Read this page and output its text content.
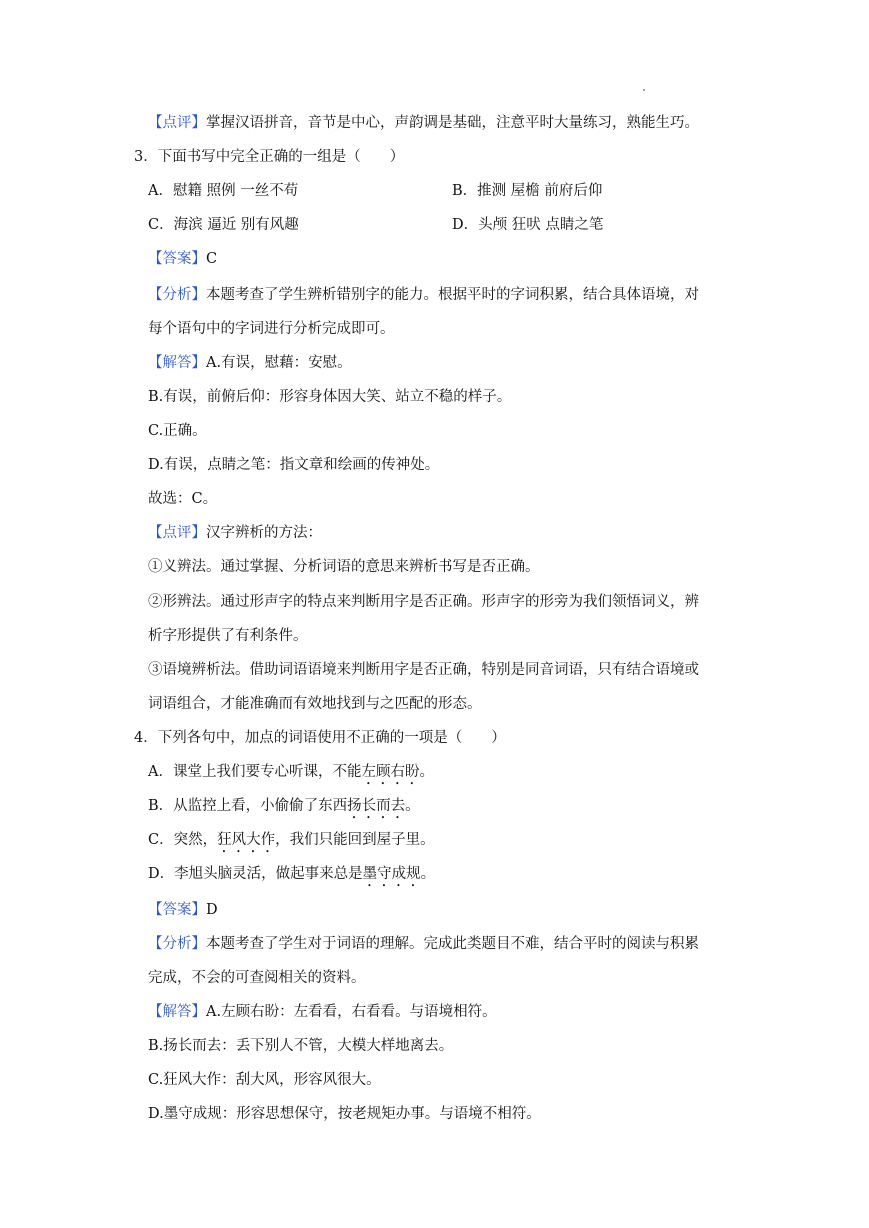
【点评】掌握汉语拼音，音节是中心，声韵调是基础，注意平时大量练习，熟能生巧。
3．下面书写中完全正确的一组是（　　）
A．慰籍 照例 一丝不苟	B．推测 屋檐 前府后仰
C．海滨 逼近 别有风趣	D．头颅 狂吠 点睛之笔
【答案】C
【分析】本题考查了学生辨析错别字的能力。根据平时的字词积累，结合具体语境，对
每个语句中的字词进行分析完成即可。
【解答】A.有误，慰藉：安慰。
B.有误，前俯后仰：形容身体因大笑、站立不稳的样子。
C.正确。
D.有误，点睛之笔：指文章和绘画的传神处。
故选：C。
【点评】汉字辨析的方法：
①义辨法。通过掌握、分析词语的意思来辨析书写是否正确。
②形辨法。通过形声字的特点来判断用字是否正确。形声字的形旁为我们领悟词义，辨
析字形提供了有利条件。
③语境辨析法。借助词语语境来判断用字是否正确，特别是同音词语，只有结合语境或
词语组合，才能准确而有效地找到与之匹配的形态。
4．下列各句中，加点的词语使用不正确的一项是（　　）
A．课堂上我们要专心听课，不能左顾右盼。
B．从监控上看，小偷偷了东西扬长而去。
C．突然，狂风大作，我们只能回到屋子里。
D．李旭头脑灵活，做起事来总是墨守成规。
【答案】D
【分析】本题考查了学生对于词语的理解。完成此类题目不难，结合平时的阅读与积累
完成，不会的可查阅相关的资料。
【解答】A.左顾右盼：左看看，右看看。与语境相符。
B.扬长而去：丢下别人不管，大模大样地离去。
C.狂风大作：刮大风，形容风很大。
D.墨守成规：形容思想保守，按老规矩办事。与语境不相符。
